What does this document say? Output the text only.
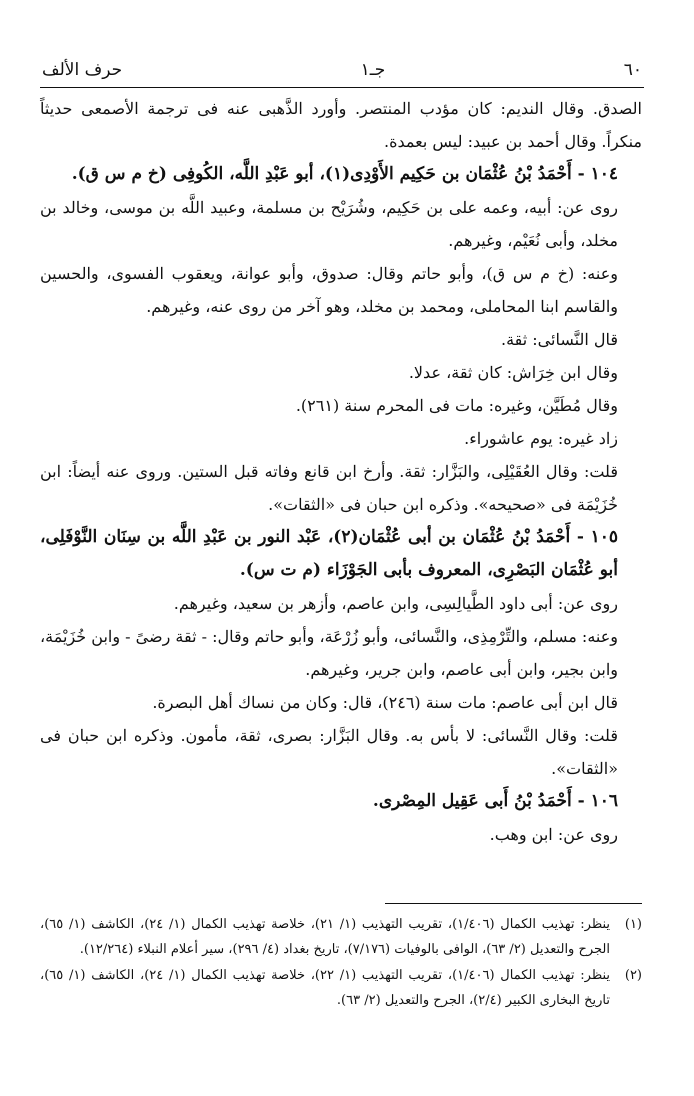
٦٠
جـ١
حرف الألف

الصدق. وقال النديم: كان مؤدب المنتصر. وأورد الذَّهبى عنه فى ترجمة الأصمعى حديثاً منكراً. وقال أحمد بن عبيد: ليس بعمدة.

١٠٤ - أَحْمَدُ بْنُ عُثْمَان بن حَكِيم الأَوْدِى(١)، أبو عَبْدِ اللَّه، الكُوفِى (خ م س ق).

روى عن: أبيه، وعمه على بن حَكِيم، وشُرَيْح بن مسلمة، وعبيد اللَّه بن موسى، وخالد بن مخلد، وأبى نُعَيْم، وغيرهم.

وعنه: (خ م س ق)، وأبو حاتم وقال: صدوق، وأبو عوانة، ويعقوب الفسوى، والحسين والقاسم ابنا المحاملى، ومحمد بن مخلد، وهو آخر من روى عنه، وغيرهم.

قال النَّسائى: ثقة.

وقال ابن خِرَاش: كان ثقة، عدلا.

وقال مُطَيَّن، وغيره: مات فى المحرم سنة (٢٦١).

زاد غيره: يوم عاشوراء.

قلت: وقال العُقَيْلِى، والبَزَّار: ثقة. وأرخ ابن قانع وفاته قبل الستين. وروى عنه أيضاً: ابن خُزَيْمَة فى «صحيحه». وذكره ابن حبان فى «الثقات».

١٠٥ - أَحْمَدُ بْنُ عُثْمَان بن أبى عُثْمَان(٢)، عَبْد النور بن عَبْدِ اللَّه بن سِنَان النَّوْفَلِى، أبو عُثْمَان البَصْرِى، المعروف بأبى الجَوْزَاء (م ت س).

روى عن: أبى داود الطَّيالِسِى، وابن عاصم، وأزهر بن سعيد، وغيرهم.

وعنه: مسلم، والتِّرْمِذِى، والنَّسائى، وأبو زُرْعَة، وأبو حاتم وقال: - ثقة رضىً - وابن خُزَيْمَة، وابن بجير، وابن أبى عاصم، وابن جرير، وغيرهم.

قال ابن أبى عاصم: مات سنة (٢٤٦)، قال: وكان من نساك أهل البصرة.

قلت: وقال النَّسائى: لا بأس به. وقال البَزَّار: بصرى، ثقة، مأمون. وذكره ابن حبان فى «الثقات».

١٠٦ - أَحْمَدُ بْنُ أَبى عَقِيل المِصْرى.

روى عن: ابن وهب.

(١)
ينظر: تهذيب الكمال (١/٤٠٦)، تقريب التهذيب (١/ ٢١)، خلاصة تهذيب الكمال (١/ ٢٤)، الكاشف (١/ ٦٥)، الجرح والتعديل (٢/ ٦٣)، الوافى بالوفيات (٧/١٧٦)، تاريخ بغداد (٤/ ٢٩٦)، سير أعلام النبلاء (١٢/٢٦٤).
(٢)
ينظر: تهذيب الكمال (١/٤٠٦)، تقريب التهذيب (١/ ٢٢)، خلاصة تهذيب الكمال (١/ ٢٤)، الكاشف (١/ ٦٥)، تاريخ البخارى الكبير (٢/٤)، الجرح والتعديل (٢/ ٦٣).
